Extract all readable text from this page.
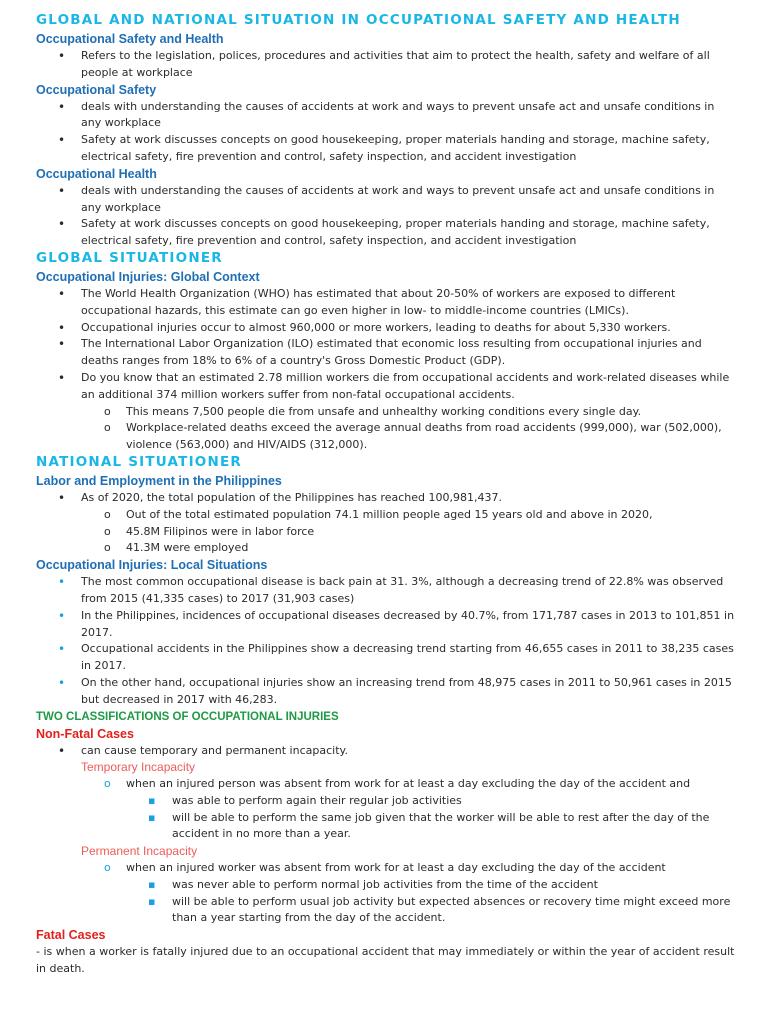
GLOBAL AND NATIONAL SITUATION IN OCCUPATIONAL SAFETY AND HEALTH
Occupational Safety and Health
• Refers to the legislation, polices, procedures and activities that aim to protect the health, safety and welfare of all people at workplace
Occupational Safety
• deals with understanding the causes of accidents at work and ways to prevent unsafe act and unsafe conditions in any workplace
• Safety at work discusses concepts on good housekeeping, proper materials handing and storage, machine safety, electrical safety, fire prevention and control, safety inspection, and accident investigation
Occupational Health
• deals with understanding the causes of accidents at work and ways to prevent unsafe act and unsafe conditions in any workplace
• Safety at work discusses concepts on good housekeeping, proper materials handing and storage, machine safety, electrical safety, fire prevention and control, safety inspection, and accident investigation
GLOBAL SITUATIONER
Occupational Injuries: Global Context
• The World Health Organization (WHO) has estimated that about 20-50% of workers are exposed to different occupational hazards, this estimate can go even higher in low- to middle-income countries (LMICs).
• Occupational injuries occur to almost 960,000 or more workers, leading to deaths for about 5,330 workers.
• The International Labor Organization (ILO) estimated that economic loss resulting from occupational injuries and deaths ranges from 18% to 6% of a country's Gross Domestic Product (GDP).
• Do you know that an estimated 2.78 million workers die from occupational accidents and work-related diseases while an additional 374 million workers suffer from non-fatal occupational accidents.
o This means 7,500 people die from unsafe and unhealthy working conditions every single day.
o Workplace-related deaths exceed the average annual deaths from road accidents (999,000), war (502,000), violence (563,000) and HIV/AIDS (312,000).
NATIONAL SITUATIONER
Labor and Employment in the Philippines
• As of 2020, the total population of the Philippines has reached 100,981,437.
o Out of the total estimated population 74.1 million people aged 15 years old and above in 2020,
o 45.8M Filipinos were in labor force
o 41.3M were employed
Occupational Injuries: Local Situations
• The most common occupational disease is back pain at 31. 3%, although a decreasing trend of 22.8% was observed from 2015 (41,335 cases) to 2017 (31,903 cases)
• In the Philippines, incidences of occupational diseases decreased by 40.7%, from 171,787 cases in 2013 to 101,851 in 2017.
• Occupational accidents in the Philippines show a decreasing trend starting from 46,655 cases in 2011 to 38,235 cases in 2017.
• On the other hand, occupational injuries show an increasing trend from 48,975 cases in 2011 to 50,961 cases in 2015 but decreased in 2017 with 46,283.
TWO CLASSIFICATIONS OF OCCUPATIONAL INJURIES
Non-Fatal Cases
• can cause temporary and permanent incapacity.
Temporary Incapacity
o when an injured person was absent from work for at least a day excluding the day of the accident and
▪ was able to perform again their regular job activities
▪ will be able to perform the same job given that the worker will be able to rest after the day of the accident in no more than a year.
Permanent Incapacity
o when an injured worker was absent from work for at least a day excluding the day of the accident
▪ was never able to perform normal job activities from the time of the accident
▪ will be able to perform usual job activity but expected absences or recovery time might exceed more than a year starting from the day of the accident.
Fatal Cases
- is when a worker is fatally injured due to an occupational accident that may immediately or within the year of accident result in death.
